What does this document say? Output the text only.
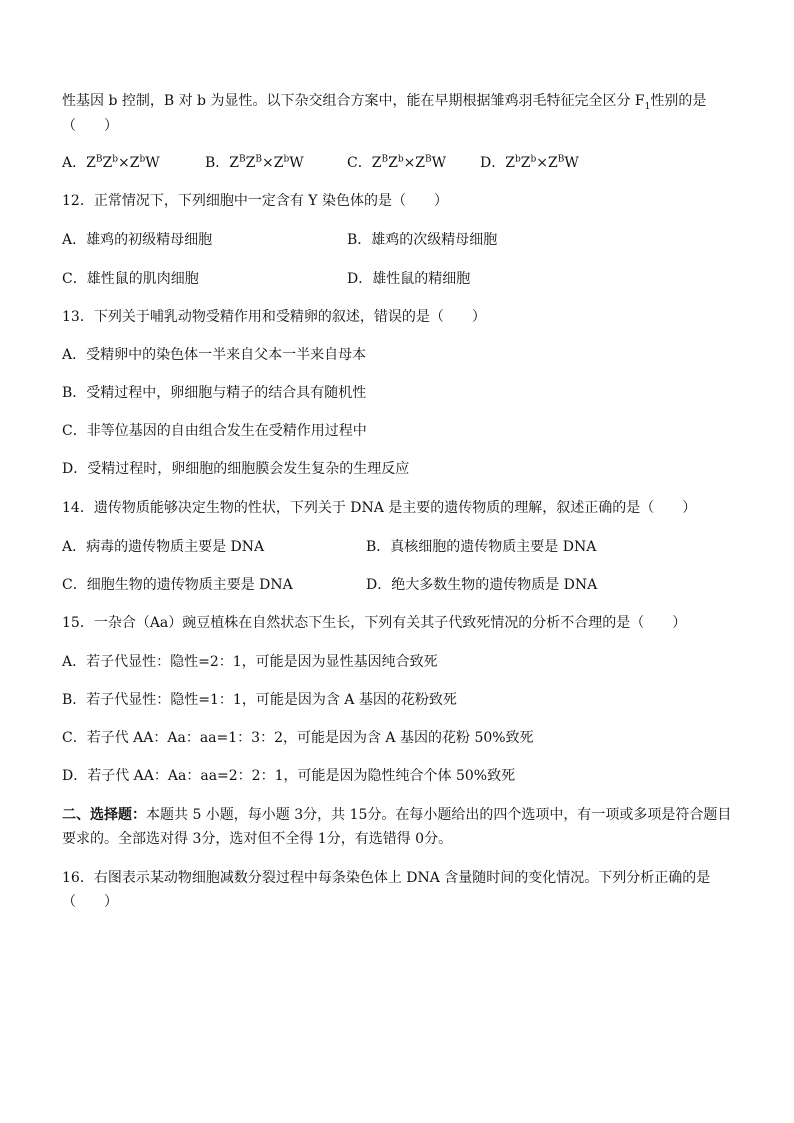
性基因 b 控制，B 对 b 为显性。以下杂交组合方案中，能在早期根据雏鸡羽毛特征完全区分 $F_1$性别的是
（　　）
A．$Z^BZ^b\times Z^bW$	B．$Z^BZ^B\times Z^bW$	C．$Z^BZ^b\times Z^BW$ D．$Z^bZ^b\times Z^BW$
12．正常情况下，下列细胞中一定含有 Y 染色体的是（　　）
A．雄鸡的初级精母细胞	B．雄鸡的次级精母细胞
C．雄性鼠的肌肉细胞	D．雄性鼠的精细胞
13．下列关于哺乳动物受精作用和受精卵的叙述，错误的是（　　）
A．受精卵中的染色体一半来自父本一半来自母本
B．受精过程中，卵细胞与精子的结合具有随机性
C．非等位基因的自由组合发生在受精作用过程中
D．受精过程时，卵细胞的细胞膜会发生复杂的生理反应
14．遗传物质能够决定生物的性状，下列关于 DNA 是主要的遗传物质的理解，叙述正确的是（　　）
A．病毒的遗传物质主要是 DNA	B．真核细胞的遗传物质主要是 DNA
C．细胞生物的遗传物质主要是 DNA	D．绝大多数生物的遗传物质是 DNA
15．一杂合（Aa）豌豆植株在自然状态下生长，下列有关其子代致死情况的分析不合理的是（　　）
A．若子代显性：隐性=2：1，可能是因为显性基因纯合致死
B．若子代显性：隐性=1：1，可能是因为含 A 基因的花粉致死
C．若子代 AA：Aa：aa=1：3：2，可能是因为含 A 基因的花粉 50%致死
D．若子代 AA：Aa：aa=2：2：1，可能是因为隐性纯合个体 50%致死
二、选择题：本题共 5 小题，每小题 3分，共 15分。在每小题给出的四个选项中，有一项或多项是符合题目
要求的。全部选对得 3分，选对但不全得 1分，有选错得 0分。
16．右图表示某动物细胞减数分裂过程中每条染色体上 DNA 含量随时间的变化情况。下列分析正确的是
（　　）
